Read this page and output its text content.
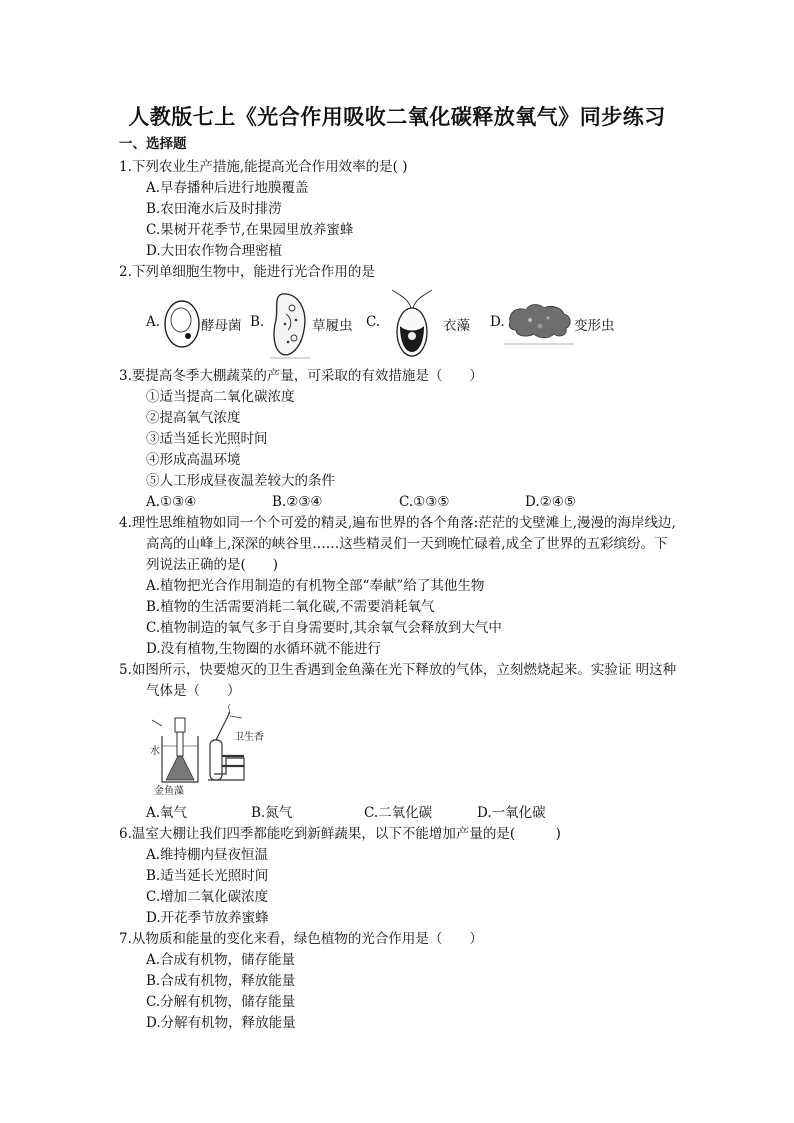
人教版七上《光合作用吸收二氧化碳释放氧气》同步练习
一、选择题
1.下列农业生产措施,能提高光合作用效率的是( )
A.早春播种后进行地膜覆盖
B.农田淹水后及时排涝
C.果树开花季节,在果园里放养蜜蜂
D.大田农作物合理密植
2.下列单细胞生物中，能进行光合作用的是
A.	酵母菌 B.	草履虫 C.	衣藻 D.	变形虫
3.要提高冬季大棚蔬菜的产量，可采取的有效措施是（　　）
①适当提高二氧化碳浓度
②提高氧气浓度
③适当延长光照时间
④形成高温环境
⑤人工形成昼夜温差较大的条件
A.①③④	B.②③④	C.①③⑤	D.②④⑤
4.理性思维植物如同一个个可爱的精灵,遍布世界的各个角落:茫茫的戈壁滩上,漫漫的海岸线边,
高高的山峰上,深深的峡谷里……这些精灵们一天到晚忙碌着,成全了世界的五彩缤纷。下
列说法正确的是(　　)
A.植物把光合作用制造的有机物全部“奉献”给了其他生物
B.植物的生活需要消耗二氧化碳,不需要消耗氧气
C.植物制造的氧气多于自身需要时,其余氧气会释放到大气中
D.没有植物,生物圈的水循环就不能进行
5.如图所示，快要熄灭的卫生香遇到金鱼藻在光下释放的气体，立刻燃烧起来。实验证 明这种
气体是（　　）
水
卫生香
金鱼藻
A.氧气	B.氮气	C.二氧化碳	D.一氧化碳
6.温室大棚让我们四季都能吃到新鲜蔬果，以下不能增加产量的是(　　　)
A.维持棚内昼夜恒温
B.适当延长光照时间
C.增加二氧化碳浓度
D.开花季节放养蜜蜂
7.从物质和能量的变化来看，绿色植物的光合作用是（　　）
A.合成有机物，储存能量
B.合成有机物，释放能量
C.分解有机物，储存能量
D.分解有机物，释放能量
